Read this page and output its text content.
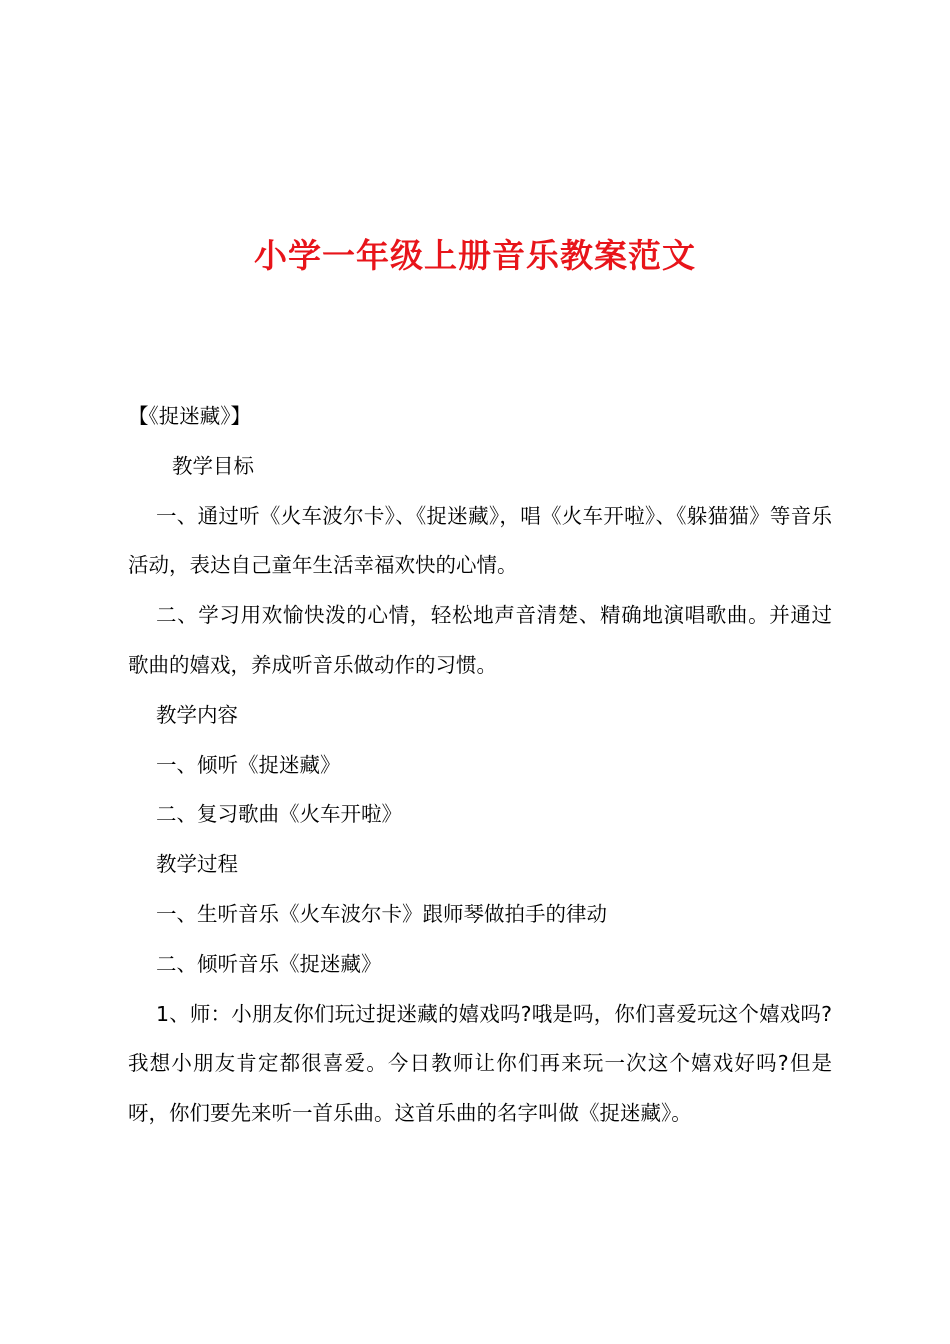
小学一年级上册音乐教案范文

【《捉迷藏》】

教学目标

一、通过听《火车波尔卡》、《捉迷藏》，唱《火车开啦》、《躲猫猫》等音乐活动，表达自己童年生活幸福欢快的心情。

二、学习用欢愉快泼的心情，轻松地声音清楚、精确地演唱歌曲。并通过歌曲的嬉戏，养成听音乐做动作的习惯。

教学内容

一、倾听《捉迷藏》

二、复习歌曲《火车开啦》

教学过程

一、生听音乐《火车波尔卡》跟师琴做拍手的律动

二、倾听音乐《捉迷藏》

1、师：小朋友你们玩过捉迷藏的嬉戏吗?哦是吗，你们喜爱玩这个嬉戏吗?我想小朋友肯定都很喜爱。今日教师让你们再来玩一次这个嬉戏好吗?但是呀，你们要先来听一首乐曲。这首乐曲的名字叫做《捉迷藏》。
